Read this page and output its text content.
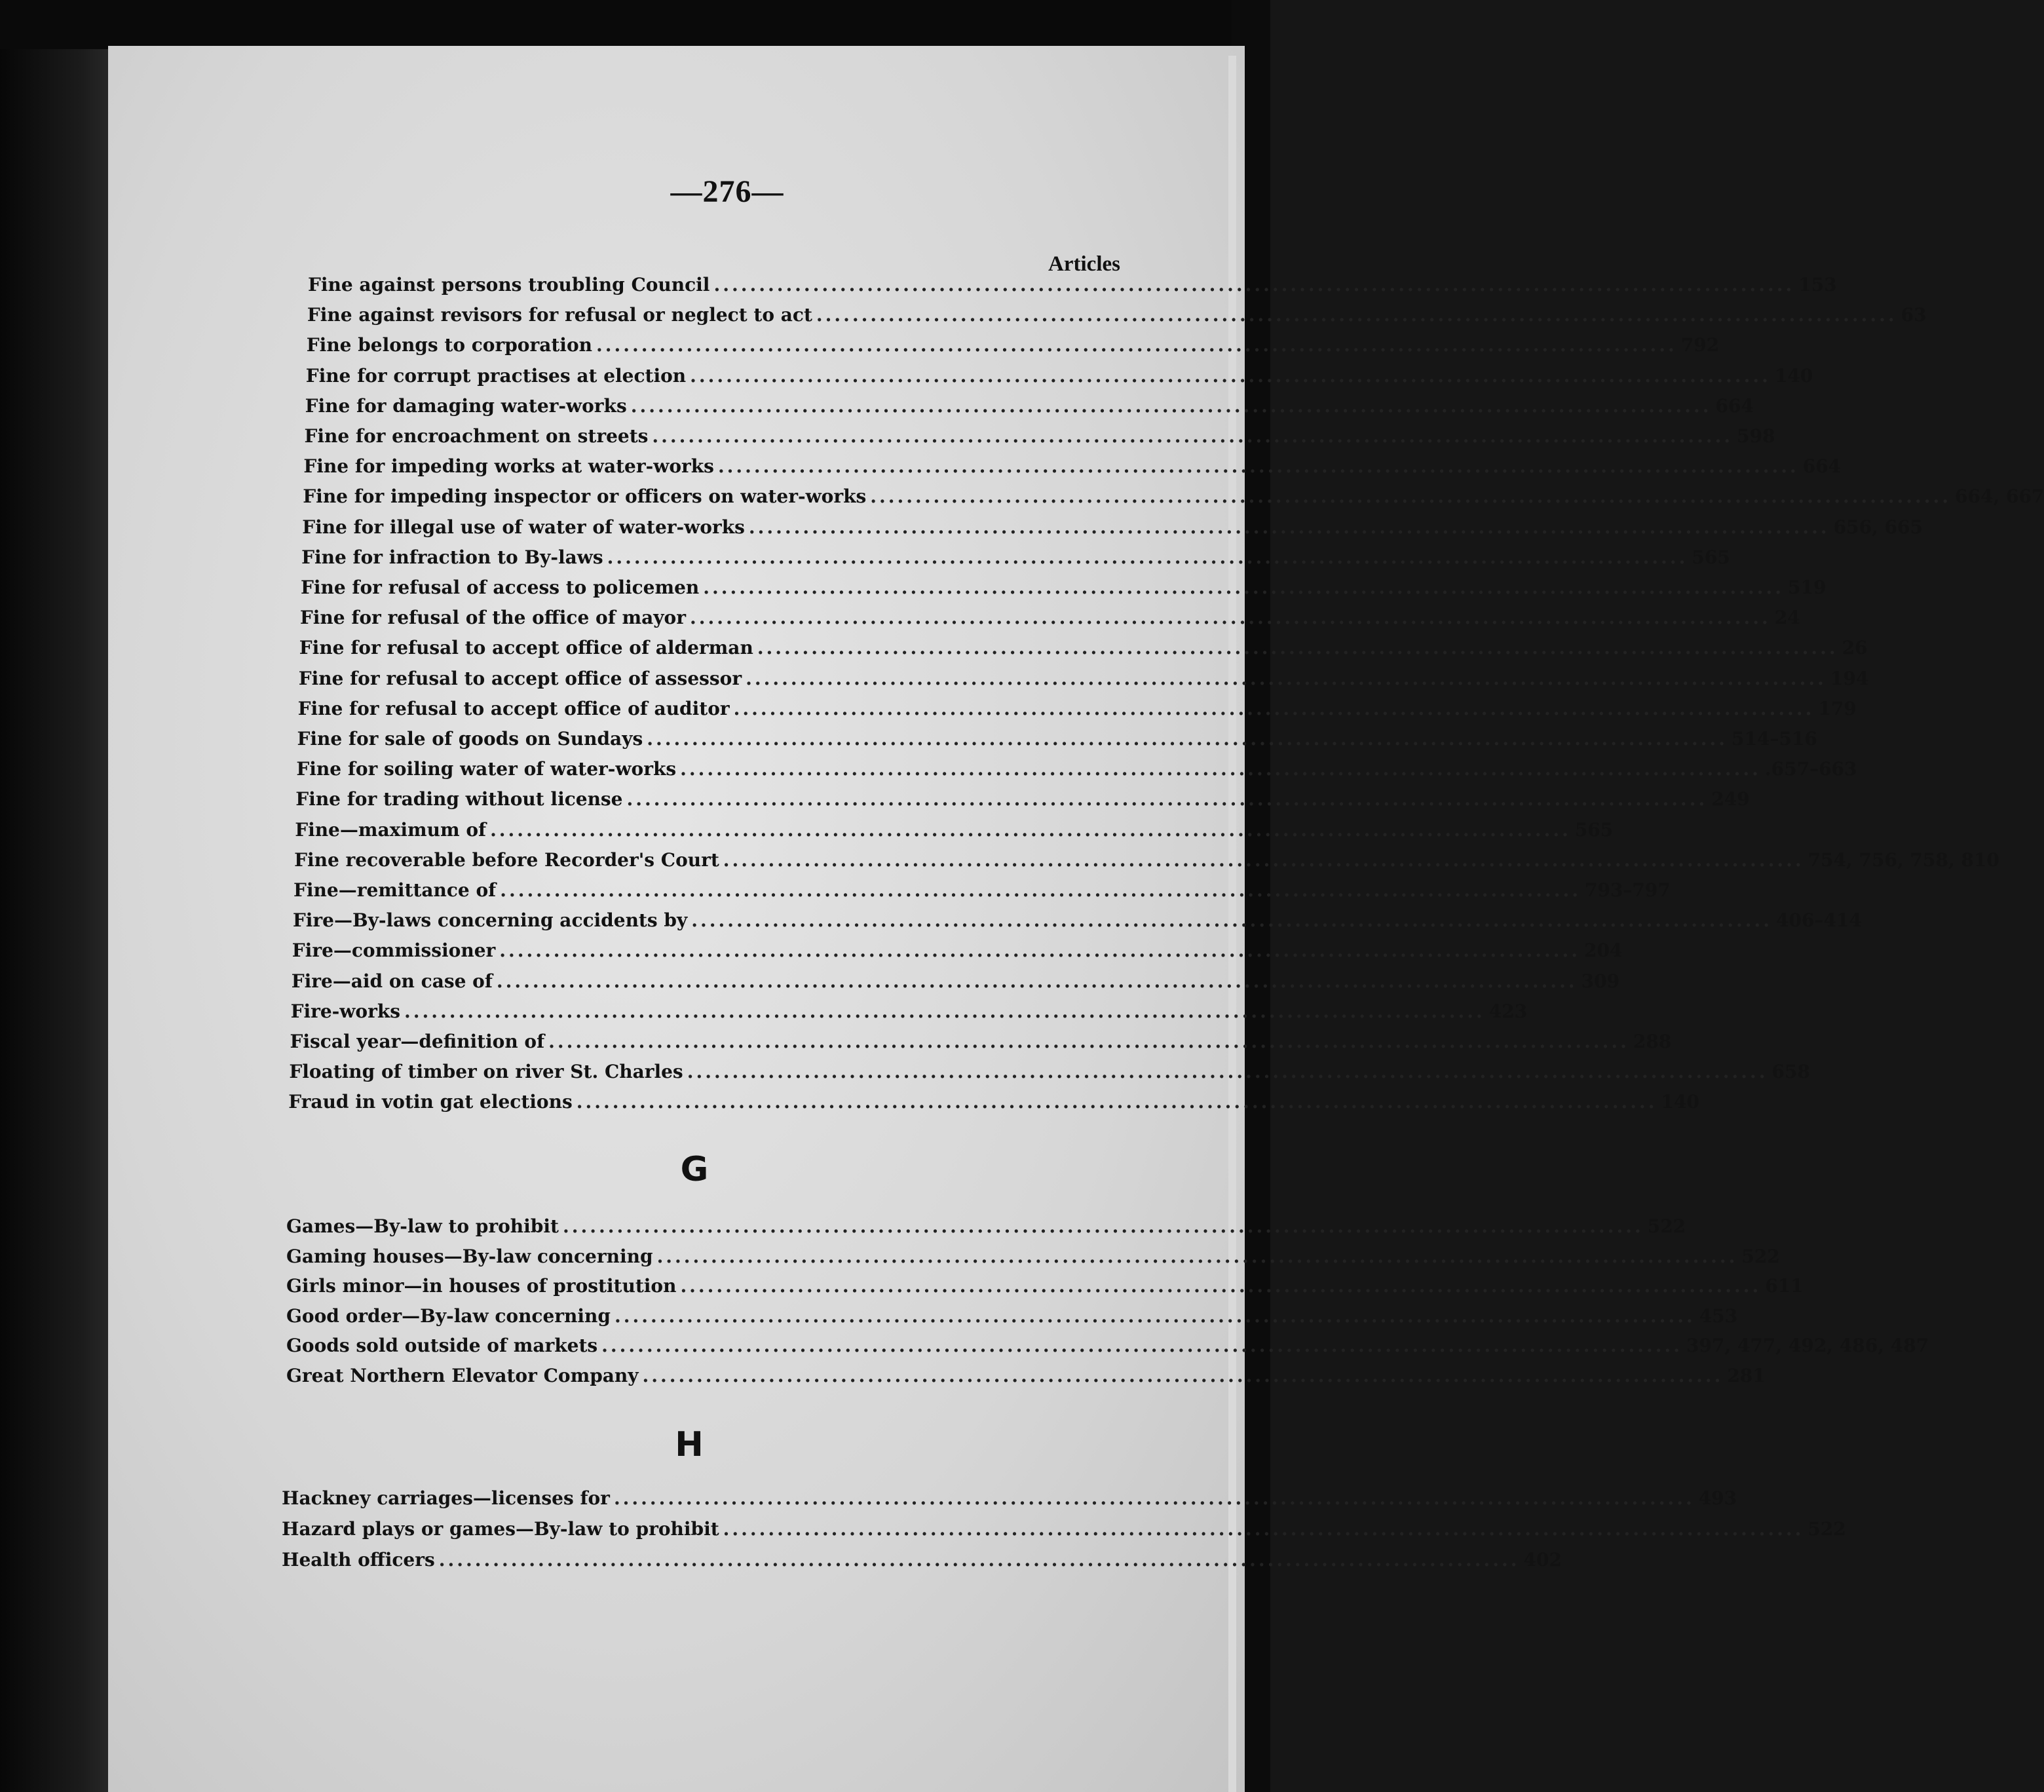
—276—
Articles
Fine against persons troubling Council ........................................................................................................................ 153
Fine against revisors for refusal or neglect to act ........................................................................................................................ 63
Fine belongs to corporation ........................................................................................................................ 792
Fine for corrupt practises at election ........................................................................................................................ 140
Fine for damaging water-works ........................................................................................................................ 664
Fine for encroachment on streets ........................................................................................................................ 598
Fine for impeding works at water-works ........................................................................................................................ 664
Fine for impeding inspector or officers on water-works ........................................................................................................................ 664, 667
Fine for illegal use of water of water-works ........................................................................................................................ 656, 665
Fine for infraction to By-laws ........................................................................................................................ 565
Fine for refusal of access to policemen ........................................................................................................................ 519
Fine for refusal of the office of mayor ........................................................................................................................ 24
Fine for refusal to accept office of alderman ........................................................................................................................ 26
Fine for refusal to accept office of assessor ........................................................................................................................ 194
Fine for refusal to accept office of auditor ........................................................................................................................ 179
Fine for sale of goods on Sundays ........................................................................................................................ 514–516
Fine for soiling water of water-works ........................................................................................................................ .657–663
Fine for trading without license ........................................................................................................................ 249
Fine—maximum of ........................................................................................................................ 565
Fine recoverable before Recorder's Court ........................................................................................................................ 754, 756, 758, 810
Fine—remittance of ........................................................................................................................ 793–797
Fire—By-laws concerning accidents by ........................................................................................................................ 406–414
Fire—commissioner ........................................................................................................................ 204
Fire—aid on case of ........................................................................................................................ 309
Fire-works ........................................................................................................................ 423
Fiscal year—definition of ........................................................................................................................ 288
Floating of timber on river St. Charles ........................................................................................................................ 658
Fraud in votin gat elections ........................................................................................................................ 140
G
Games—By-law to prohibit ........................................................................................................................ 522
Gaming houses—By-law concerning ........................................................................................................................ 522
Girls minor—in houses of prostitution ........................................................................................................................ 611
Good order—By-law concerning ........................................................................................................................ 453
Goods sold outside of markets ........................................................................................................................ 397, 477, 492, 486, 487
Great Northern Elevator Company ........................................................................................................................ 281
H
Hackney carriages—licenses for ........................................................................................................................ 493
Hazard plays or games—By-law to prohibit ........................................................................................................................ 522
Health officers ........................................................................................................................ 402
